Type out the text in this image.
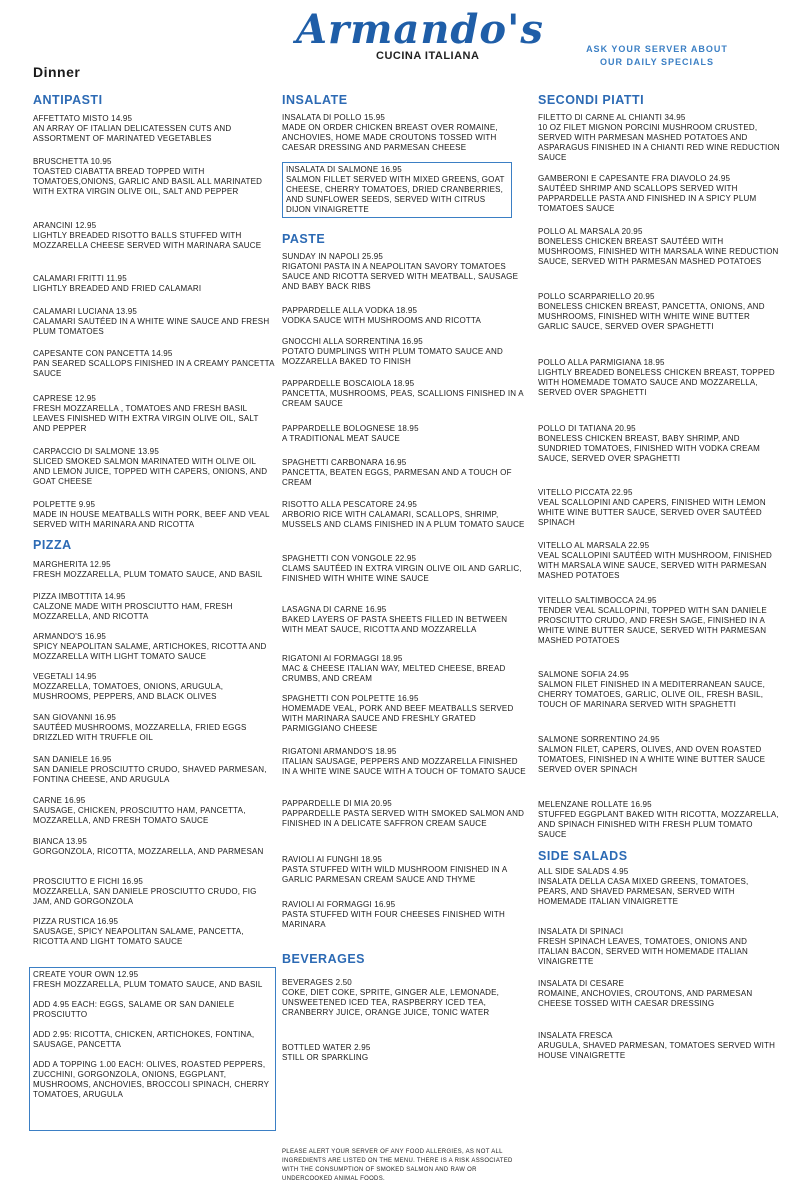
Armando's
CUCINA ITALIANA
ASK YOUR SERVER ABOUT
OUR DAILY SPECIALS
Dinner
ANTIPASTI
AFFETTATO MISTO 14.95
AN ARRAY OF ITALIAN DELICATESSEN CUTS AND ASSORTMENT OF MARINATED VEGETABLES
BRUSCHETTA 10.95
TOASTED CIABATTA BREAD TOPPED WITH TOMATOES,ONIONS, GARLIC AND BASIL ALL MARINATED WITH EXTRA VIRGIN OLIVE OIL, SALT AND PEPPER
ARANCINI 12.95
LIGHTLY BREADED RISOTTO BALLS STUFFED WITH MOZZARELLA CHEESE SERVED WITH MARINARA SAUCE
CALAMARI FRITTI 11.95
LIGHTLY BREADED AND FRIED CALAMARI
CALAMARI LUCIANA 13.95
CALAMARI SAUTÉED IN A WHITE WINE SAUCE AND FRESH PLUM TOMATOES
CAPESANTE CON PANCETTA 14.95
PAN SEARED SCALLOPS FINISHED IN A CREAMY PANCETTA SAUCE
CAPRESE 12.95
FRESH MOZZARELLA , TOMATOES AND FRESH BASIL LEAVES FINISHED WITH EXTRA VIRGIN OLIVE OIL, SALT AND PEPPER
CARPACCIO DI SALMONE 13.95
SLICED SMOKED SALMON MARINATED WITH OLIVE OIL AND LEMON JUICE, TOPPED WITH CAPERS, ONIONS, AND GOAT CHEESE
POLPETTE 9.95
MADE IN HOUSE MEATBALLS WITH PORK, BEEF AND VEAL SERVED WITH MARINARA AND RICOTTA
PIZZA
MARGHERITA 12.95
FRESH MOZZARELLA, PLUM TOMATO SAUCE, AND BASIL
PIZZA IMBOTTITA 14.95
CALZONE MADE WITH PROSCIUTTO HAM, FRESH MOZZARELLA, AND RICOTTA
ARMANDO'S 16.95
SPICY NEAPOLITAN SALAME, ARTICHOKES, RICOTTA AND MOZZARELLA WITH LIGHT TOMATO SAUCE
VEGETALI 14.95
MOZZARELLA, TOMATOES, ONIONS, ARUGULA, MUSHROOMS, PEPPERS, AND BLACK OLIVES
SAN GIOVANNI 16.95
SAUTÉED MUSHROOMS, MOZZARELLA, FRIED EGGS DRIZZLED WITH TRUFFLE OIL
SAN DANIELE 16.95
SAN DANIELE PROSCIUTTO CRUDO, SHAVED PARMESAN, FONTINA CHEESE, AND ARUGULA
CARNE 16.95
SAUSAGE, CHICKEN, PROSCIUTTO HAM, PANCETTA, MOZZARELLA, AND FRESH TOMATO SAUCE
BIANCA 13.95
GORGONZOLA, RICOTTA, MOZZARELLA, AND PARMESAN
PROSCIUTTO E FICHI 16.95
MOZZARELLA, SAN DANIELE PROSCIUTTO CRUDO, FIG JAM, AND GORGONZOLA
PIZZA RUSTICA 16.95
SAUSAGE, SPICY NEAPOLITAN SALAME, PANCETTA, RICOTTA AND LIGHT TOMATO SAUCE
CREATE YOUR OWN 12.95
FRESH MOZZARELLA, PLUM TOMATO SAUCE, AND BASIL
ADD 4.95 EACH: EGGS, SALAME OR SAN DANIELE PROSCIUTTO
ADD 2.95: RICOTTA, CHICKEN, ARTICHOKES, FONTINA, SAUSAGE, PANCETTA
ADD A TOPPING 1.00 EACH: OLIVES, ROASTED PEPPERS, ZUCCHINI, GORGONZOLA, ONIONS, EGGPLANT, MUSHROOMS, ANCHOVIES, BROCCOLI SPINACH, CHERRY TOMATOES, ARUGULA
INSALATE
INSALATA DI POLLO 15.95
MADE ON ORDER CHICKEN BREAST OVER ROMAINE, ANCHOVIES, HOME MADE CROUTONS TOSSED WITH CAESAR DRESSING AND PARMESAN CHEESE
INSALATA DI SALMONE 16.95
SALMON FILLET SERVED WITH MIXED GREENS, GOAT CHEESE, CHERRY TOMATOES, DRIED CRANBERRIES, AND SUNFLOWER SEEDS, SERVED WITH CITRUS DIJON VINAIGRETTE
PASTE
SUNDAY IN NAPOLI 25.95
RIGATONI PASTA IN A NEAPOLITAN SAVORY TOMATOES SAUCE AND RICOTTA SERVED WITH MEATBALL, SAUSAGE AND BABY BACK RIBS
PAPPARDELLE ALLA VODKA 18.95
VODKA SAUCE WITH MUSHROOMS AND RICOTTA
GNOCCHI ALLA SORRENTINA 16.95
POTATO DUMPLINGS WITH PLUM TOMATO SAUCE AND MOZZARELLA BAKED TO FINISH
PAPPARDELLE BOSCAIOLA 18.95
PANCETTA, MUSHROOMS, PEAS, SCALLIONS FINISHED IN A CREAM SAUCE
PAPPARDELLE BOLOGNESE 18.95
A TRADITIONAL MEAT SAUCE
SPAGHETTI CARBONARA 16.95
PANCETTA, BEATEN EGGS, PARMESAN AND A TOUCH OF CREAM
RISOTTO ALLA PESCATORE 24.95
ARBORIO RICE WITH CALAMARI, SCALLOPS, SHRIMP, MUSSELS AND CLAMS FINISHED IN A PLUM TOMATO SAUCE
SPAGHETTI CON VONGOLE 22.95
CLAMS SAUTÉED IN EXTRA VIRGIN OLIVE OIL AND GARLIC, FINISHED WITH WHITE WINE SAUCE
LASAGNA DI CARNE 16.95
BAKED LAYERS OF PASTA SHEETS FILLED IN BETWEEN WITH MEAT SAUCE, RICOTTA AND MOZZARELLA
RIGATONI AI FORMAGGI 18.95
MAC & CHEESE ITALIAN WAY, MELTED CHEESE, BREAD CRUMBS, AND CREAM
SPAGHETTI CON POLPETTE 16.95
HOMEMADE VEAL, PORK AND BEEF MEATBALLS SERVED WITH MARINARA SAUCE AND FRESHLY GRATED PARMIGGIANO CHEESE
RIGATONI ARMANDO'S 18.95
ITALIAN SAUSAGE, PEPPERS AND MOZZARELLA FINISHED IN A WHITE WINE SAUCE WITH A TOUCH OF TOMATO SAUCE
PAPPARDELLE DI MIA 20.95
PAPPARDELLE PASTA SERVED WITH SMOKED SALMON AND FINISHED IN A DELICATE SAFFRON CREAM SAUCE
RAVIOLI AI FUNGHI 18.95
PASTA STUFFED WITH WILD MUSHROOM FINISHED IN A GARLIC PARMESAN CREAM SAUCE AND THYME
RAVIOLI AI FORMAGGI 16.95
PASTA STUFFED WITH FOUR CHEESES FINISHED WITH MARINARA
BEVERAGES
BEVERAGES 2.50
COKE, DIET COKE, SPRITE, GINGER ALE, LEMONADE, UNSWEETENED ICED TEA, RASPBERRY ICED TEA, CRANBERRY JUICE, ORANGE JUICE, TONIC WATER
BOTTLED WATER 2.95
STILL OR SPARKLING
SECONDI PIATTI
FILETTO DI CARNE AL CHIANTI 34.95
10 OZ FILET MIGNON PORCINI MUSHROOM CRUSTED, SERVED WITH PARMESAN MASHED POTATOES AND ASPARAGUS FINISHED IN A CHIANTI RED WINE REDUCTION SAUCE
GAMBERONI E CAPESANTE FRA DIAVOLO 24.95
SAUTÉED SHRIMP AND SCALLOPS SERVED WITH PAPPARDELLE PASTA AND FINISHED IN A SPICY PLUM TOMATOES SAUCE
POLLO AL MARSALA 20.95
BONELESS CHICKEN BREAST SAUTÉED WITH MUSHROOMS, FINISHED WITH MARSALA WINE REDUCTION SAUCE, SERVED WITH PARMESAN MASHED POTATOES
POLLO SCARPARIELLO 20.95
BONELESS CHICKEN BREAST, PANCETTA, ONIONS, AND MUSHROOMS, FINISHED WITH WHITE WINE BUTTER GARLIC SAUCE, SERVED OVER SPAGHETTI
POLLO ALLA PARMIGIANA 18.95
LIGHTLY BREADED BONELESS CHICKEN BREAST, TOPPED WITH HOMEMADE TOMATO SAUCE AND MOZZARELLA, SERVED OVER SPAGHETTI
POLLO DI TATIANA 20.95
BONELESS CHICKEN BREAST, BABY SHRIMP, AND SUNDRIED TOMATOES, FINISHED WITH VODKA CREAM SAUCE, SERVED OVER SPAGHETTI
VITELLO PICCATA 22.95
VEAL SCALLOPINI AND CAPERS, FINISHED WITH LEMON WHITE WINE BUTTER SAUCE, SERVED OVER SAUTÉED SPINACH
VITELLO AL MARSALA 22.95
VEAL SCALLOPINI SAUTÉED WITH MUSHROOM, FINISHED WITH MARSALA WINE SAUCE, SERVED WITH PARMESAN MASHED POTATOES
VITELLO SALTIMBOCCA 24.95
TENDER VEAL SCALLOPINI, TOPPED WITH SAN DANIELE PROSCIUTTO CRUDO, AND FRESH SAGE, FINISHED IN A WHITE WINE BUTTER SAUCE, SERVED WITH PARMESAN MASHED POTATOES
SALMONE SOFIA 24.95
SALMON FILET FINISHED IN A MEDITERRANEAN SAUCE, CHERRY TOMATOES, GARLIC, OLIVE OIL, FRESH BASIL, TOUCH OF MARINARA SERVED WITH SPAGHETTI
SALMONE SORRENTINO 24.95
SALMON FILET, CAPERS, OLIVES, AND OVEN ROASTED TOMATOES, FINISHED IN A WHITE WINE BUTTER SAUCE SERVED OVER SPINACH
MELENZANE ROLLATE 16.95
STUFFED EGGPLANT BAKED WITH RICOTTA, MOZZARELLA, AND SPINACH FINISHED WITH FRESH PLUM TOMATO SAUCE
SIDE SALADS
ALL SIDE SALADS 4.95
INSALATA DELLA CASA MIXED GREENS, TOMATOES, PEARS, AND SHAVED PARMESAN, SERVED WITH HOMEMADE ITALIAN VINAIGRETTE
INSALATA DI SPINACI
FRESH SPINACH LEAVES, TOMATOES, ONIONS AND ITALIAN BACON, SERVED WITH HOMEMADE ITALIAN VINAIGRETTE
INSALATA DI CESARE
ROMAINE, ANCHOVIES, CROUTONS, AND PARMESAN CHEESE TOSSED WITH CAESAR DRESSING
INSALATA FRESCA
ARUGULA, SHAVED PARMESAN, TOMATOES SERVED WITH HOUSE VINAIGRETTE
PLEASE ALERT YOUR SERVER OF ANY FOOD ALLERGIES, AS NOT ALL INGREDIENTS ARE LISTED ON THE MENU. THERE IS A RISK ASSOCIATED WITH THE CONSUMPTION OF SMOKED SALMON AND RAW OR UNDERCOOKED ANIMAL FOODS.
